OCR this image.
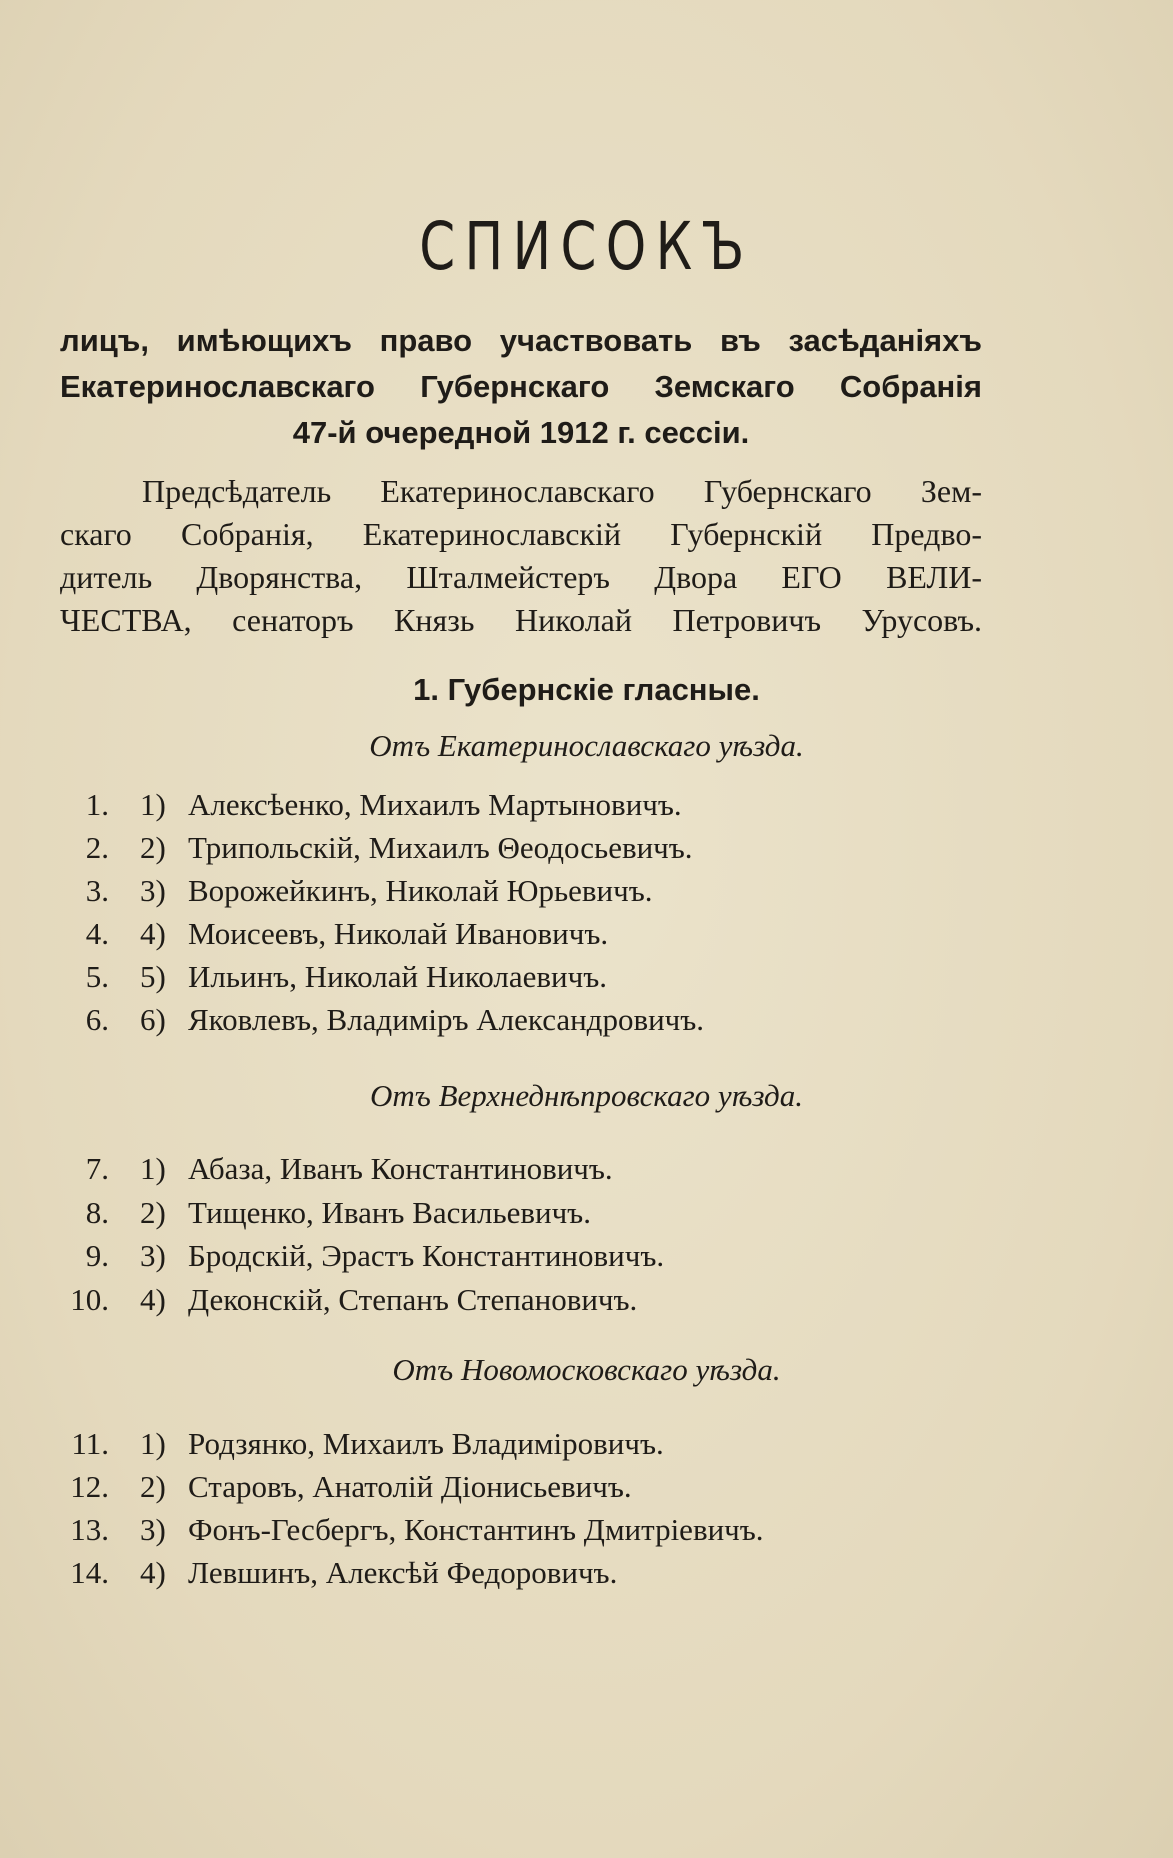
СПИСОКЪ
лицъ, имѣющихъ право участвовать въ засѣданіяхъ
Екатеринославскаго Губернскаго Земскаго Собранія
47-й очередной 1912 г. сессіи.
Предсѣдатель Екатеринославскаго Губернскаго Зем-
скаго Собранія, Екатеринославскій Губернскій Предво-
дитель Дворянства, Шталмейстеръ Двора ЕГО ВЕЛИ-
ЧЕСТВА, сенаторъ Князь Николай Петровичъ Урусовъ.
1. Губернскіе гласные.
Отъ Екатеринославскаго уѣзда.
1. 1) Алексѣенко, Михаилъ Мартыновичъ.
2. 2) Трипольскій, Михаилъ Θеодосьевичъ.
3. 3) Ворожейкинъ, Николай Юрьевичъ.
4. 4) Моисеевъ, Николай Ивановичъ.
5. 5) Ильинъ, Николай Николаевичъ.
6. 6) Яковлевъ, Владиміръ Александровичъ.
Отъ Верхнеднѣпровскаго уѣзда.
7. 1) Абаза, Иванъ Константиновичъ.
8. 2) Тищенко, Иванъ Васильевичъ.
9. 3) Бродскій, Эрастъ Константиновичъ.
10. 4) Деконскій, Степанъ Степановичъ.
Отъ Новомосковскаго уѣзда.
11. 1) Родзянко, Михаилъ Владиміровичъ.
12. 2) Старовъ, Анатолій Діонисьевичъ.
13. 3) Фонъ-Гесбергъ, Константинъ Дмитріевичъ.
14. 4) Левшинъ, Алексѣй Федоровичъ.
